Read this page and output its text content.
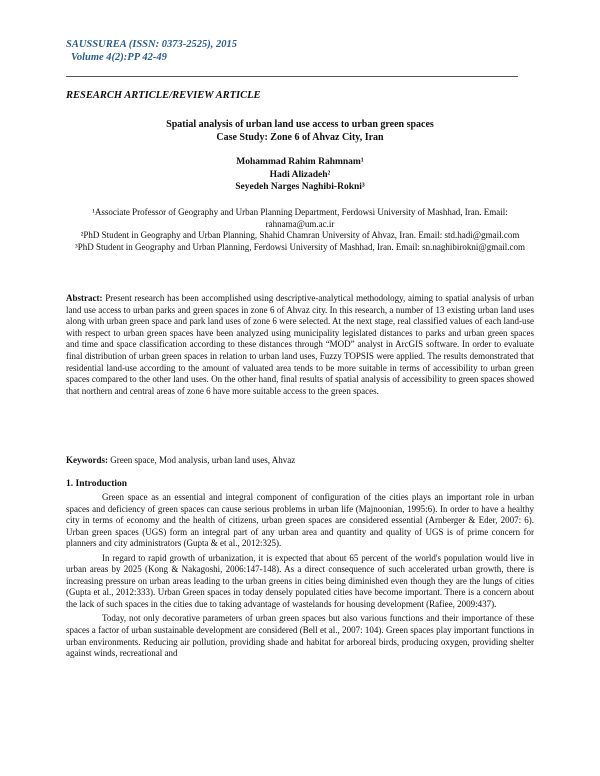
SAUSSUREA (ISSN: 0373-2525), 2015
Volume 4(2):PP 42-49
RESEARCH ARTICLE/REVIEW ARTICLE
Spatial analysis of urban land use access to urban green spaces
Case Study: Zone 6 of Ahvaz City, Iran
Mohammad Rahim Rahmnam¹
Hadi Alizadeh²
Seyedeh Narges Naghibi-Rokni³

¹Associate Professor of Geography and Urban Planning Department, Ferdowsi University of Mashhad, Iran. Email: rahnama@um.ac.ir

²PhD Student in Geography and Urban Planning, Shahid Chamran University of Ahvaz, Iran. Email: std.hadi@gmail.com

³PhD Student in Geography and Urban Planning, Ferdowsi University of Mashhad, Iran. Email: sn.naghibirokni@gmail.com

Abstract: Present research has been accomplished using descriptive-analytical methodology, aiming to spatial analysis of urban land use access to urban parks and green spaces in zone 6 of Ahvaz city. In this research, a number of 13 existing urban land uses along with urban green space and park land uses of zone 6 were selected. At the next stage, real classified values of each land-use with respect to urban green spaces have been analyzed using municipality legislated distances to parks and urban green spaces and time and space classification according to these distances through “MOD” analyst in ArcGIS software. In order to evaluate final distribution of urban green spaces in relation to urban land uses, Fuzzy TOPSIS were applied. The results demonstrated that residential land-use according to the amount of valuated area tends to be more suitable in terms of accessibility to urban green spaces compared to the other land uses. On the other hand, final results of spatial analysis of accessibility to green spaces showed that northern and central areas of zone 6 have more suitable access to the green spaces.

Keywords: Green space, Mod analysis, urban land uses, Ahvaz

1. Introduction

Green space as an essential and integral component of configuration of the cities plays an important role in urban spaces and deficiency of green spaces can cause serious problems in urban life (Majnoonian, 1995:6). In order to have a healthy city in terms of economy and the health of citizens, urban green spaces are considered essential (Arnberger & Eder, 2007: 6). Urban green spaces (UGS) form an integral part of any urban area and quantity and quality of UGS is of prime concern for planners and city administrators (Gupta & et al., 2012:325).

In regard to rapid growth of urbanization, it is expected that about 65 percent of the world's population would live in urban areas by 2025 (Kong & Nakagoshi, 2006:147-148). As a direct consequence of such accelerated urban growth, there is increasing pressure on urban areas leading to the urban greens in cities being diminished even though they are the lungs of cities (Gupta et al., 2012:333). Urban Green spaces in today densely populated cities have become important. There is a concern about the lack of such spaces in the cities due to taking advantage of wastelands for housing development (Rafiee, 2009:437).

Today, not only decorative parameters of urban green spaces but also various functions and their importance of these spaces a factor of urban sustainable development are considered (Bell et al., 2007: 104). Green spaces play important functions in urban environments. Reducing air pollution, providing shade and habitat for arboreal birds, producing oxygen, providing shelter against winds, recreational and
